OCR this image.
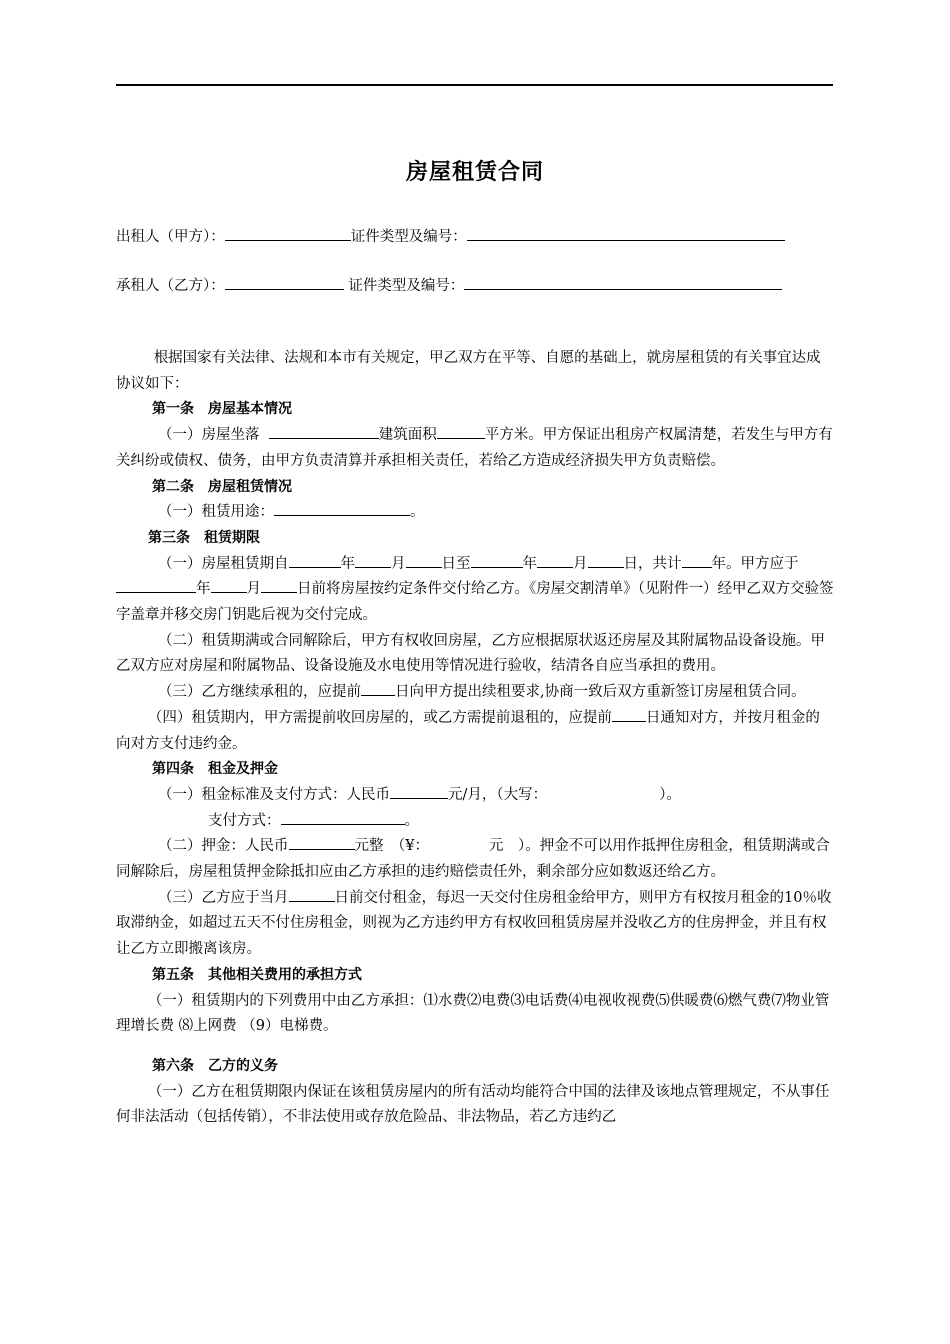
房屋租赁合同
出租人（甲方）：	证件类型及编号：
承租人（乙方）：	证件类型及编号：

根据国家有关法律、法规和本市有关规定，甲乙双方在平等、自愿的基础上，就房屋租赁的有关事宜达成协议如下：

第一条　房屋基本情况

（一）房屋坐落	建筑面积	平方米。甲方保证出租房产权属清楚，若发生与甲方有关纠纷或债权、债务，由甲方负责清算并承担相关责任，若给乙方造成经济损失甲方负责赔偿。

第二条　房屋租赁情况

（一）租赁用途：	。

第三条　租赁期限

（一）房屋租赁期自	年 月 日至	年 月 日，共计 年。甲方应于年 月 日前将房屋按约定条件交付给乙方。《房屋交割清单》（见附件一）经甲乙双方交验签字盖章并移交房门钥匙后视为交付完成。

（二）租赁期满或合同解除后，甲方有权收回房屋，乙方应根据原状返还房屋及其附属物品设备设施。甲乙双方应对房屋和附属物品、设备设施及水电使用等情况进行验收，结清各自应当承担的费用。

（三）乙方继续承租的，应提前 日向甲方提出续租要求,协商一致后双方重新签订房屋租赁合同。

（四）租赁期内，甲方需提前收回房屋的，或乙方需提前退租的，应提前 日通知对方，并按月租金的向对方支付违约金。

第四条　租金及押金

（一）租金标准及支付方式：人民币	元/月，（大写：	）。

支付方式：	。

（二）押金：人民币	元整　（¥：	元　）。押金不可以用作抵押住房租金，租赁期满或合同解除后，房屋租赁押金除抵扣应由乙方承担的违约赔偿责任外，剩余部分应如数返还给乙方。

（三）乙方应于当月	日前交付租金，每迟一天交付住房租金给甲方，则甲方有权按月租金的10％收取滞纳金，如超过五天不付住房租金，则视为乙方违约甲方有权收回租赁房屋并没收乙方的住房押金，并且有权让乙方立即搬离该房。

第五条　其他相关费用的承担方式

（一）租赁期内的下列费用中由乙方承担：⑴水费⑵电费⑶电话费⑷电视收视费⑸供暖费⑹燃气费⑺物业管理增长费 ⑻上网费 （9）电梯费。

第六条　乙方的义务

（一）乙方在租赁期限内保证在该租赁房屋内的所有活动均能符合中国的法律及该地点管理规定，不从事任何非法活动（包括传销），不非法使用或存放危险品、非法物品，若乙方违约乙
